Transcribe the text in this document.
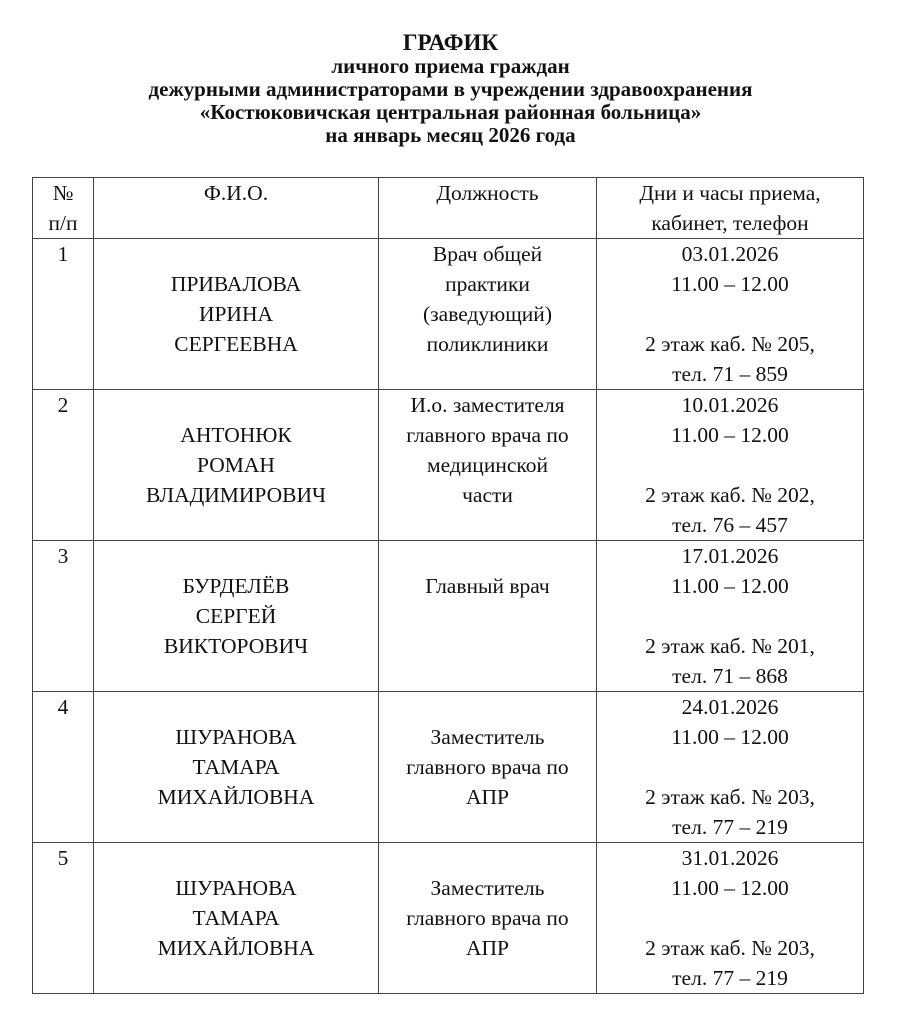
ГРАФИК
личного приема граждан
дежурными администраторами в учреждении здравоохранения
«Костюковичская центральная районная больница»
на январь месяц 2026 года
№
п/п	Ф.И.О.	Должность	Дни и часы приема,
кабинет, телефон

1	ПРИВАЛОВА
ИРИНА
СЕРГЕЕВНА	Врач общей
практики
(заведующий)
поликлиники	03.01.2026
11.00 – 12.00
2 этаж каб. № 205,
тел. 71 – 859

2	АНТОНЮК
РОМАН
ВЛАДИМИРОВИЧ	И.о. заместителя
главного врача по
медицинской
части	10.01.2026
11.00 – 12.00
2 этаж каб. № 202,
тел. 76 – 457

3	БУРДЕЛЁВ
СЕРГЕЙ
ВИКТОРОВИЧ	Главный врач	17.01.2026
11.00 – 12.00
2 этаж каб. № 201,
тел. 71 – 868

4	ШУРАНОВА
ТАМАРА
МИХАЙЛОВНА	Заместитель
главного врача по
АПР	24.01.2026
11.00 – 12.00
2 этаж каб. № 203,
тел. 77 – 219

5	ШУРАНОВА
ТАМАРА
МИХАЙЛОВНА	Заместитель
главного врача по
АПР	31.01.2026
11.00 – 12.00
2 этаж каб. № 203,
тел. 77 – 219
